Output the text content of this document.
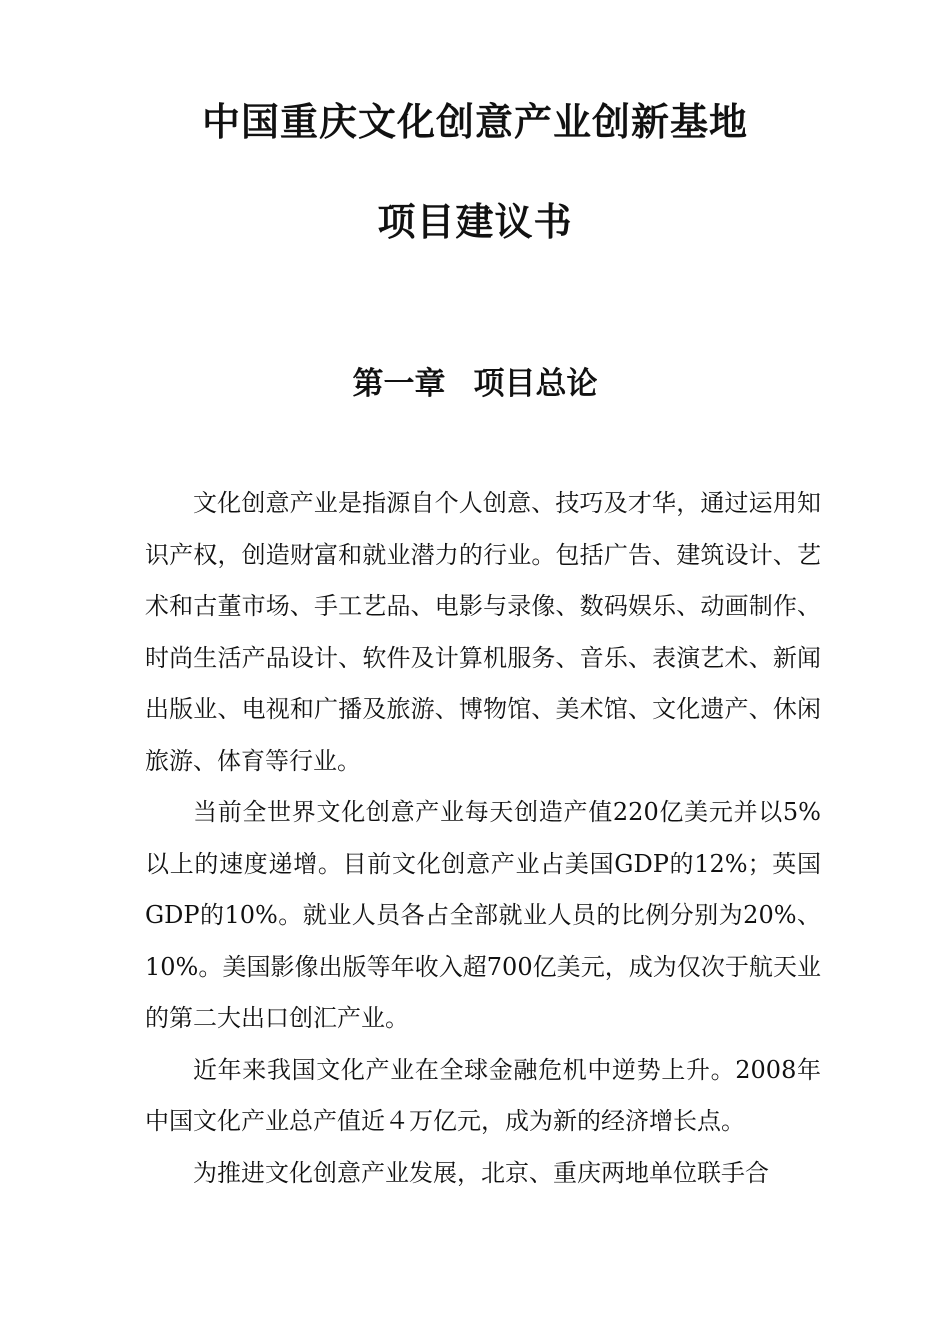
中国重庆文化创意产业创新基地
项目建议书
第一章 项目总论

文化创意产业是指源自个人创意、技巧及才华，通过运用知识产权，创造财富和就业潜力的行业。包括广告、建筑设计、艺术和古董市场、手工艺品、电影与录像、数码娱乐、动画制作、时尚生活产品设计、软件及计算机服务、音乐、表演艺术、新闻出版业、电视和广播及旅游、博物馆、美术馆、文化遗产、休闲旅游、体育等行业。

当前全世界文化创意产业每天创造产值220亿美元并以5%以上的速度递增。目前文化创意产业占美国GDP的12%；英国GDP的10%。就业人员各占全部就业人员的比例分别为20%、10%。美国影像出版等年收入超700亿美元，成为仅次于航天业的第二大出口创汇产业。

近年来我国文化产业在全球金融危机中逆势上升。2008年中国文化产业总产值近４万亿元，成为新的经济增长点。

为推进文化创意产业发展，北京、重庆两地单位联手合
